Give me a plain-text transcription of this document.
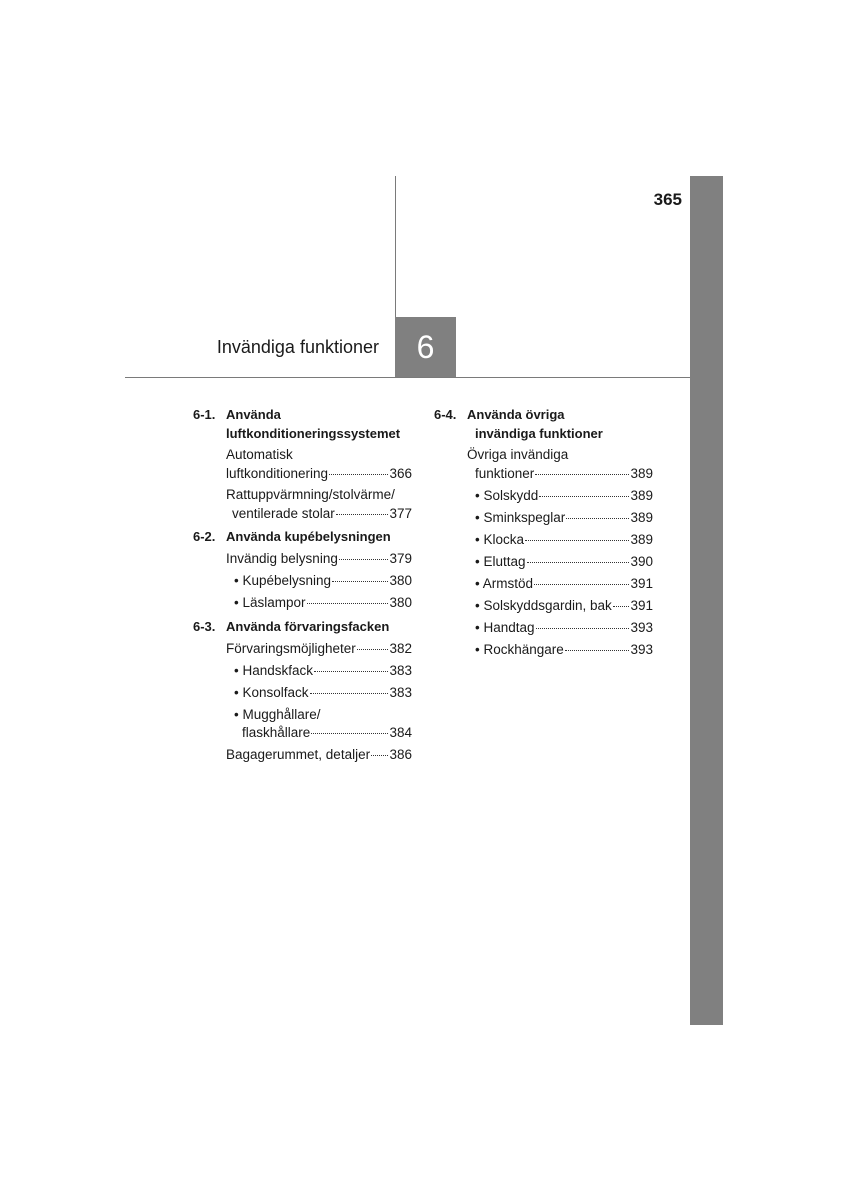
365
6
Invändiga funktioner
6-1. Använda
luftkonditioneringssystemet
Automatisk
luftkonditionering	366
Rattuppvärmning/stolvärme/
ventilerade stolar	377
6-2. Använda kupébelysningen
Invändig belysning	379
• Kupébelysning	380
• Läslampor	380
6-3. Använda förvaringsfacken
Förvaringsmöjligheter 382
• Handskfack	383
• Konsolfack	383
• Mugghållare/
flaskhållare	384
Bagagerummet, detaljer 386
6-4. Använda övriga
invändiga funktioner
Övriga invändiga
funktioner	389
• Solskydd	389
• Sminkspeglar	389
• Klocka	389
• Eluttag	390
• Armstöd	391
• Solskyddsgardin, bak 391
• Handtag	393
• Rockhängare	393
